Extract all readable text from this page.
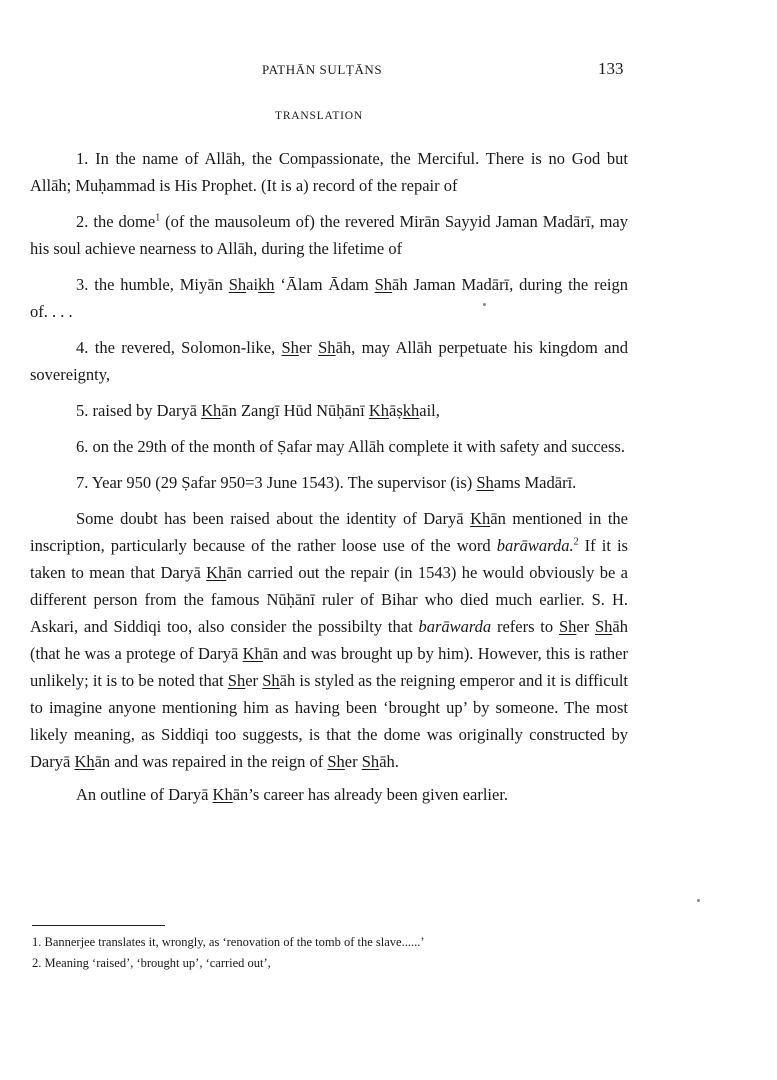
PATHĀN SULṬĀNS	133
TRANSLATION

1. In the name of Allāh, the Compassionate, the Merciful. There is no God but Allāh; Muḥammad is His Prophet. (It is a) record of the repair of

2. the dome$^1$ (of the mausoleum of) the revered Mirān Sayyid Jaman Madārī, may his soul achieve nearness to Allāh, during the lifetime of

3. the humble, Miyān Shaikh ‘Ālam Ādam Shāh Jaman Madārī, during the reign of. . . .

4. the revered, Solomon-like, Sher Shāh, may Allāh perpetuate his kingdom and sovereignty,

5. raised by Daryā Khān Zangī Hūd Nūḥānī Khāṣkhail,

6. on the 29th of the month of Ṣafar may Allāh complete it with safety and success.

7. Year 950 (29 Ṣafar 950=3 June 1543). The supervisor (is) Shams Madārī.

Some doubt has been raised about the identity of Daryā Khān mentioned in the inscription, particularly because of the rather loose use of the word barāwarda.$^2$ If it is taken to mean that Daryā Khān carried out the repair (in 1543) he would obviously be a different person from the famous Nūḥānī ruler of Bihar who died much earlier. S. H. Askari, and Siddiqi too, also consider the possibilty that barāwarda refers to Sher Shāh (that he was a protege of Daryā Khān and was brought up by him). However, this is rather unlikely; it is to be noted that Sher Shāh is styled as the reigning emperor and it is difficult to imagine anyone mentioning him as having been ‘brought up’ by someone. The most likely meaning, as Siddiqi too suggests, is that the dome was originally constructed by Daryā Khān and was repaired in the reign of Sher Shāh.

An outline of Daryā Khān’s career has already been given earlier.

1. Bannerjee translates it, wrongly, as ‘renovation of the tomb of the slave......’

2. Meaning ‘raised’, ‘brought up’, ‘carried out’,
